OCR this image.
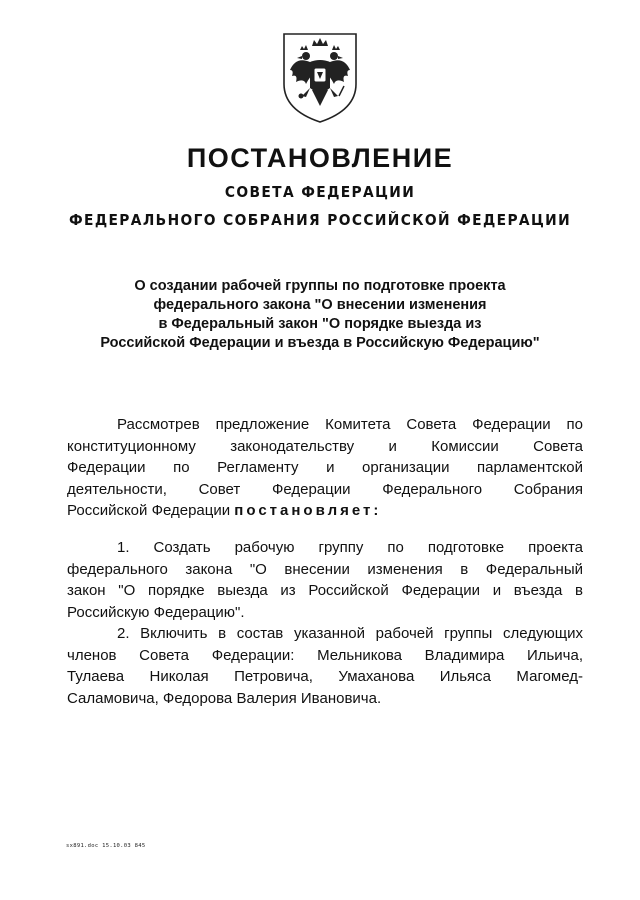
ПОСТАНОВЛЕНИЕ
СОВЕТА ФЕДЕРАЦИИ
ФЕДЕРАЛЬНОГО СОБРАНИЯ РОССИЙСКОЙ ФЕДЕРАЦИИ
О создании рабочей группы по подготовке проекта
федерального закона "О внесении изменения
в Федеральный закон "О порядке выезда из
Российской Федерации и въезда в Российскую Федерацию"
Рассмотрев предложение Комитета Совета Федерации по
конституционному законодательству и Комиссии Совета
Федерации по Регламенту и организации парламентской
деятельности, Совет Федерации Федерального Собрания
Российской Федерации постановляет:
1. Создать рабочую группу по подготовке проекта
федерального закона "О внесении изменения в Федеральный
закон "О порядке выезда из Российской Федерации и въезда в
Российскую Федерацию".
2. Включить в состав указанной рабочей группы следующих
членов Совета Федерации: Мельникова Владимира Ильича,
Тулаева Николая Петровича, Умаханова Ильяса Магомед-
Саламовича, Федорова Валерия Ивановича.
sx891.doc 15.10.03 845
